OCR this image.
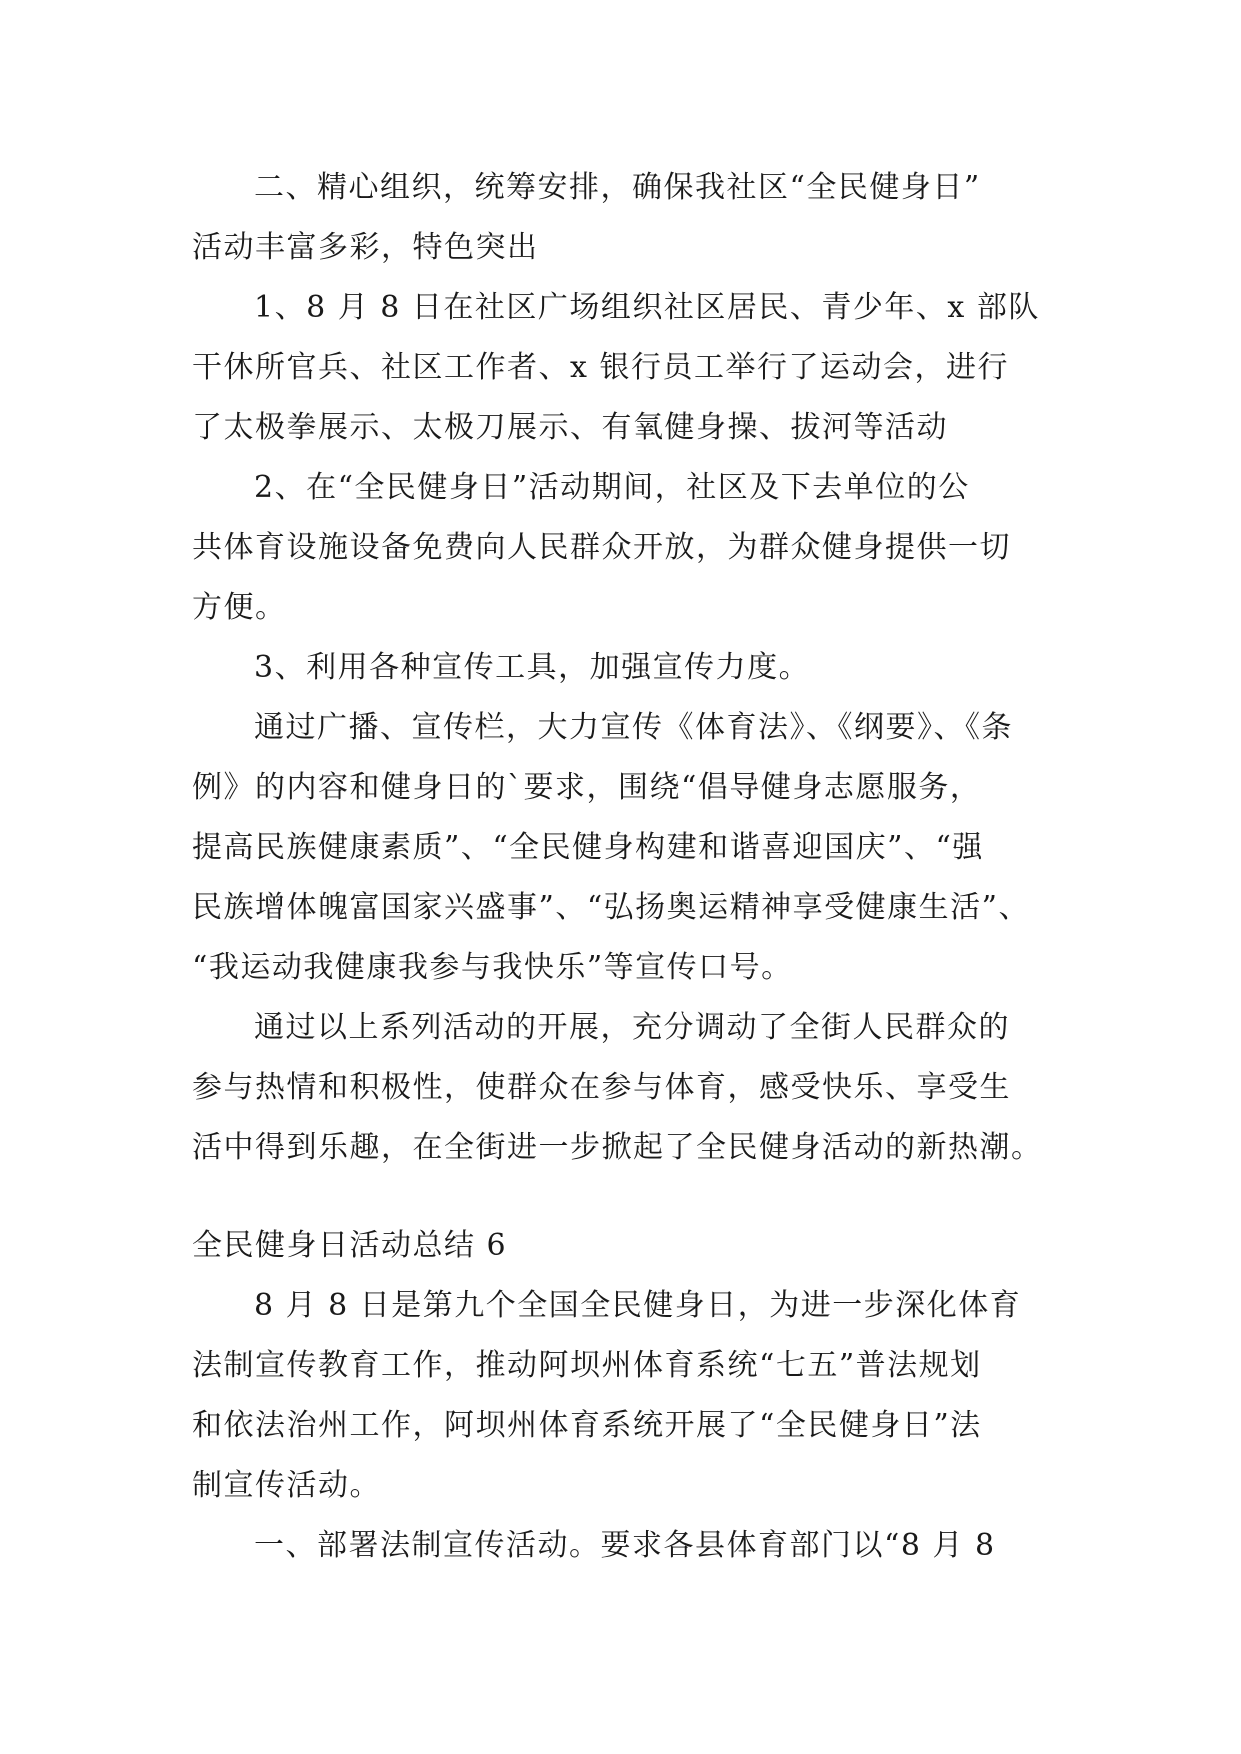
二、精心组织，统筹安排，确保我社区“全民健身日”
活动丰富多彩，特色突出
1、8 月 8 日在社区广场组织社区居民、青少年、x 部队
干休所官兵、社区工作者、x 银行员工举行了运动会，进行
了太极拳展示、太极刀展示、有氧健身操、拔河等活动
2、在“全民健身日”活动期间，社区及下去单位的公
共体育设施设备免费向人民群众开放，为群众健身提供一切
方便。
3、利用各种宣传工具，加强宣传力度。
通过广播、宣传栏，大力宣传《体育法》、《纲要》、《条
例》的内容和健身日的`要求，围绕“倡导健身志愿服务，
提高民族健康素质”、“全民健身构建和谐喜迎国庆”、“强
民族增体魄富国家兴盛事”、“弘扬奥运精神享受健康生活”、
“我运动我健康我参与我快乐”等宣传口号。
通过以上系列活动的开展，充分调动了全街人民群众的
参与热情和积极性，使群众在参与体育，感受快乐、享受生
活中得到乐趣，在全街进一步掀起了全民健身活动的新热潮。
全民健身日活动总结 6
8 月 8 日是第九个全国全民健身日，为进一步深化体育
法制宣传教育工作，推动阿坝州体育系统“七五”普法规划
和依法治州工作，阿坝州体育系统开展了“全民健身日”法
制宣传活动。
一、部署法制宣传活动。要求各县体育部门以“8 月 8
